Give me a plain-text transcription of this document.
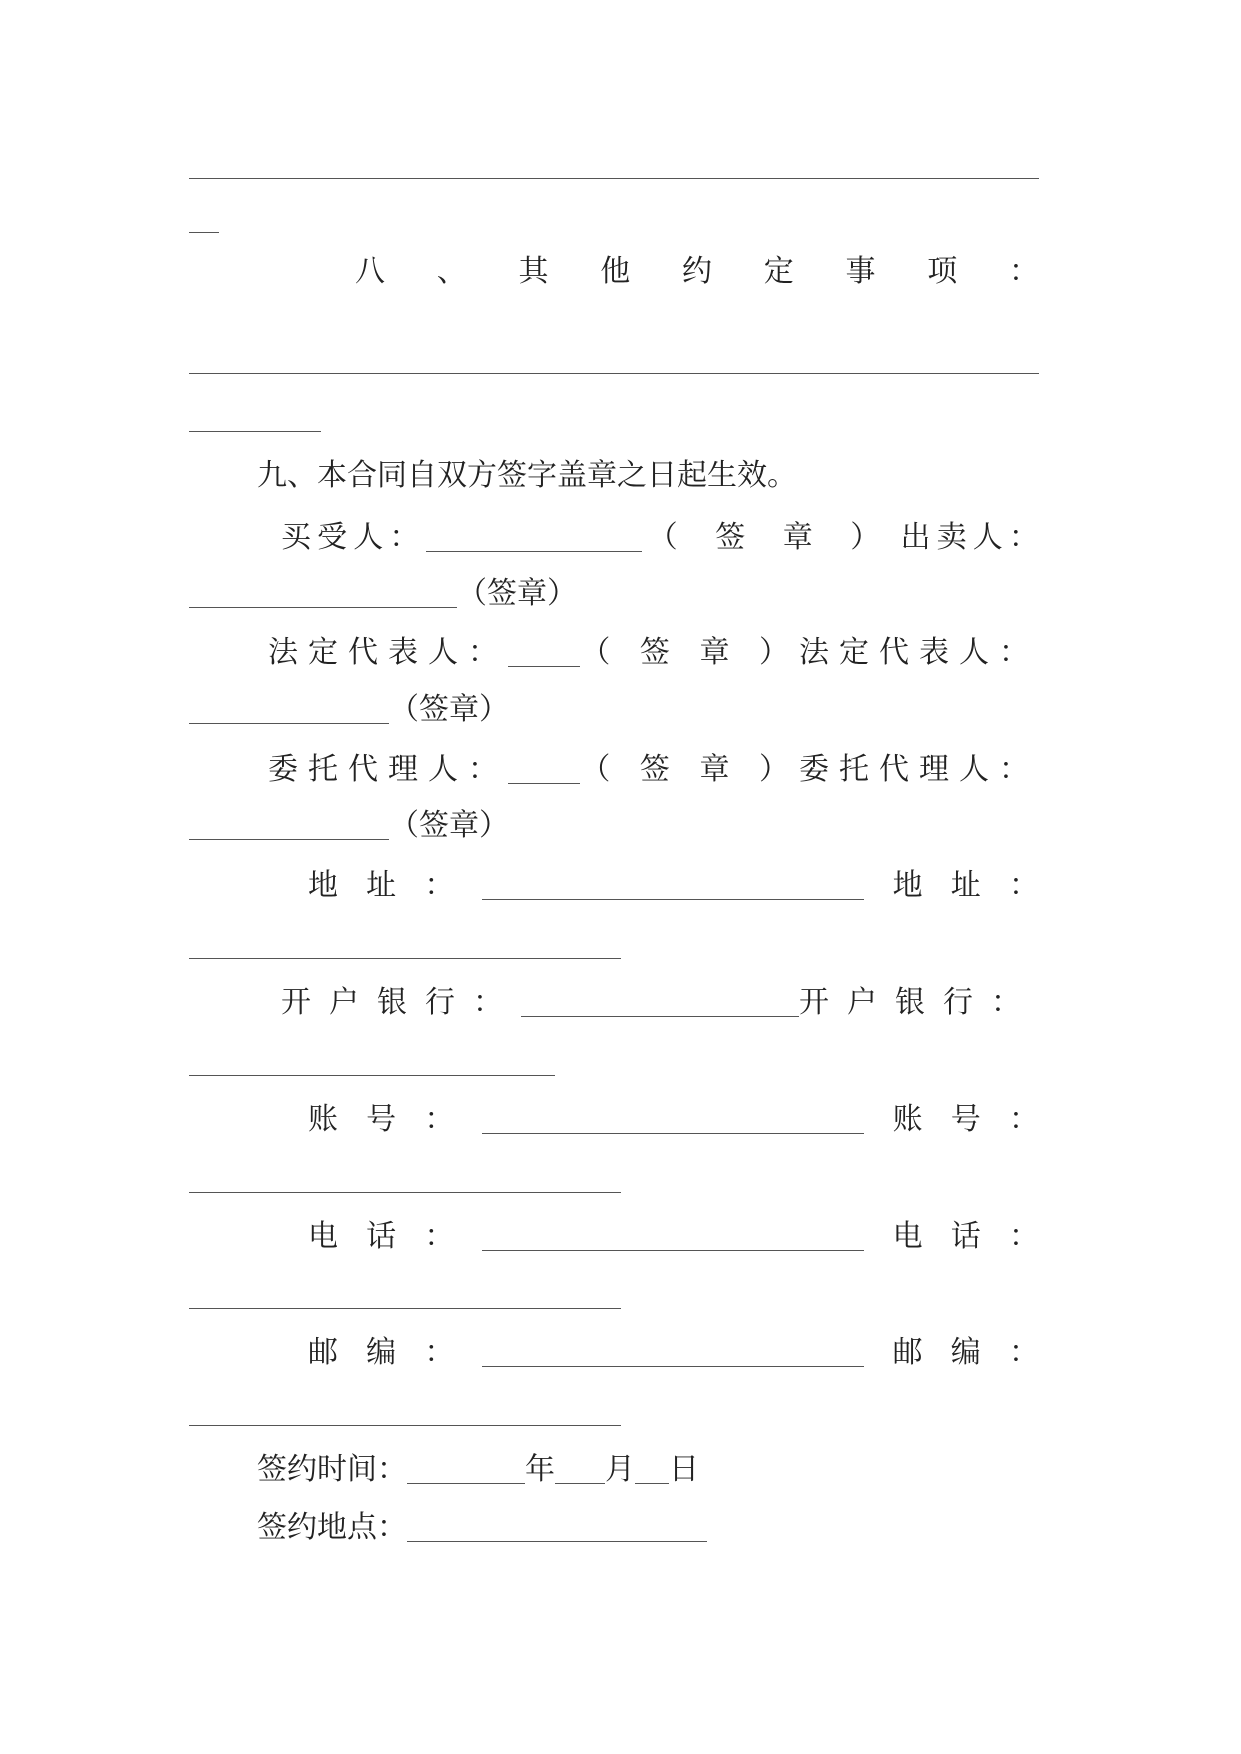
八 、 其 他 约 定 事 项 ：
九、本合同自双方签字盖章之日起生效。
买 受 人 ：	（ 签 章 ） 出 卖 人 ：
（签章）
法定代表人： （ 签 章 ） 法定代表人：
（签章）
委托代理人： （ 签 章 ） 委托代理人：
（签章）
地 址 ：	地 址 ：
开户银行：	开户银行：
账 号 ：	账 号 ：
电 话 ：	电 话 ：
邮 编 ：	邮 编 ：
签约时间：	年 月 日
签约地点：
